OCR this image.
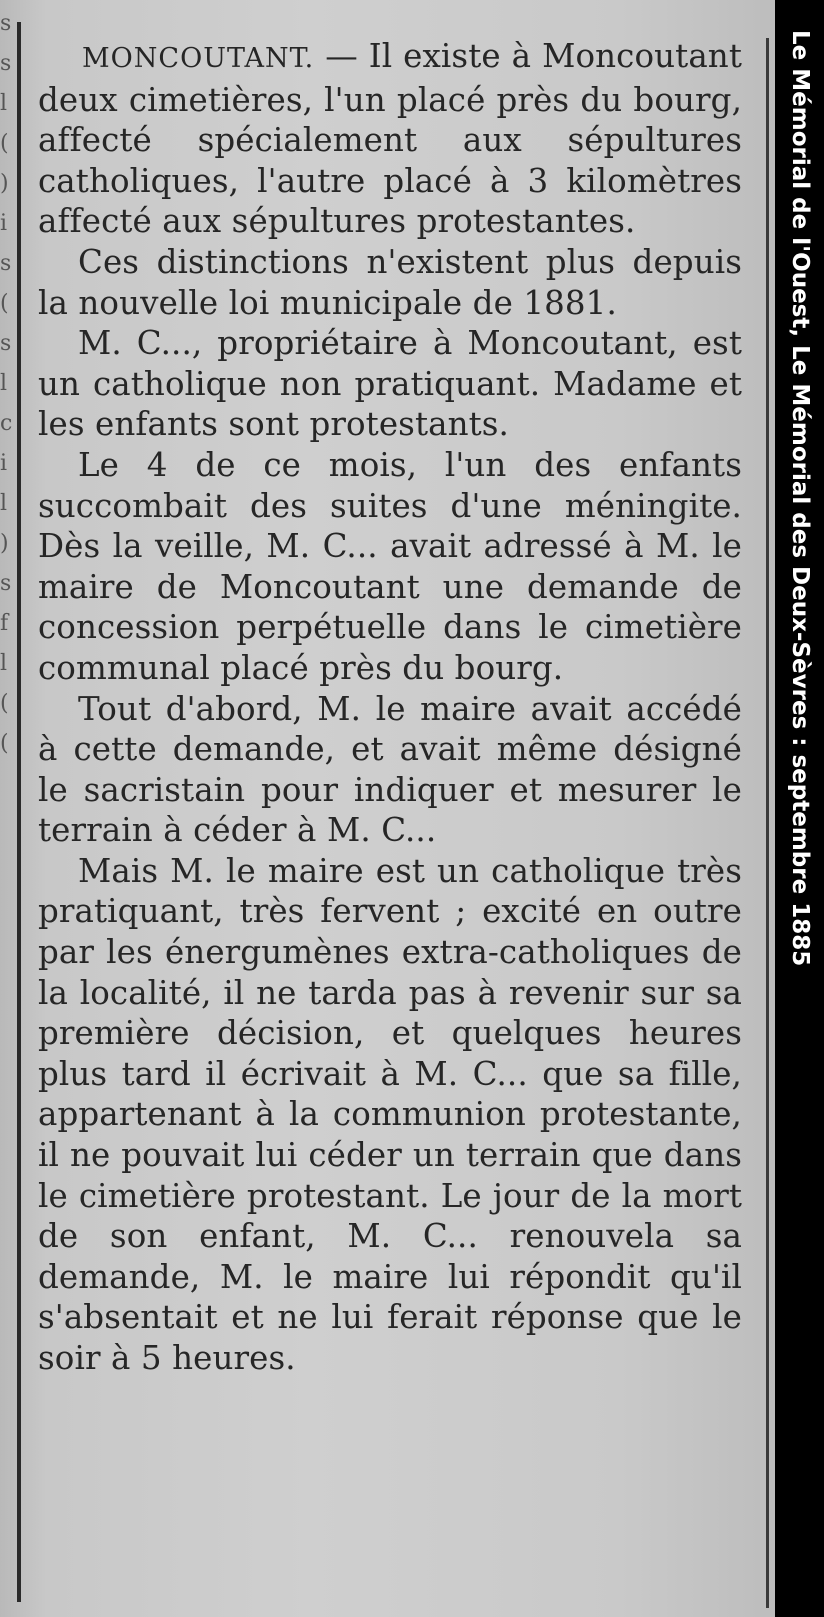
s s l ( ) i s ( s l c i l ) s f l ( (

MONCOUTANT. — Il existe à Moncoutant deux cimetières, l'un placé près du bourg, affecté spécialement aux sépultures catholiques, l'autre placé à 3 kilomètres affecté aux sépultures protestantes.

Ces distinctions n'existent plus depuis la nouvelle loi municipale de 1881.

M. C..., propriétaire à Moncoutant, est un catholique non pratiquant. Madame et les enfants sont protestants.

Le 4 de ce mois, l'un des enfants succombait des suites d'une méningite. Dès la veille, M. C... avait adressé à M. le maire de Moncoutant une demande de concession perpétuelle dans le cimetière communal placé près du bourg.

Tout d'abord, M. le maire avait accédé à cette demande, et avait même désigné le sacristain pour indiquer et mesurer le terrain à céder à M. C...

Mais M. le maire est un catholique très pratiquant, très fervent ; excité en outre par les énergumènes extra-catholiques de la localité, il ne tarda pas à revenir sur sa première décision, et quelques heures plus tard il écrivait à M. C... que sa fille, appartenant à la communion protestante, il ne pouvait lui céder un terrain que dans le cimetière protestant. Le jour de la mort de son enfant, M. C... renouvela sa demande, M. le maire lui répondit qu'il s'absentait et ne lui ferait réponse que le soir à 5 heures.

Le Mémorial de l'Ouest, Le Mémorial des Deux-Sèvres : septembre 1885
